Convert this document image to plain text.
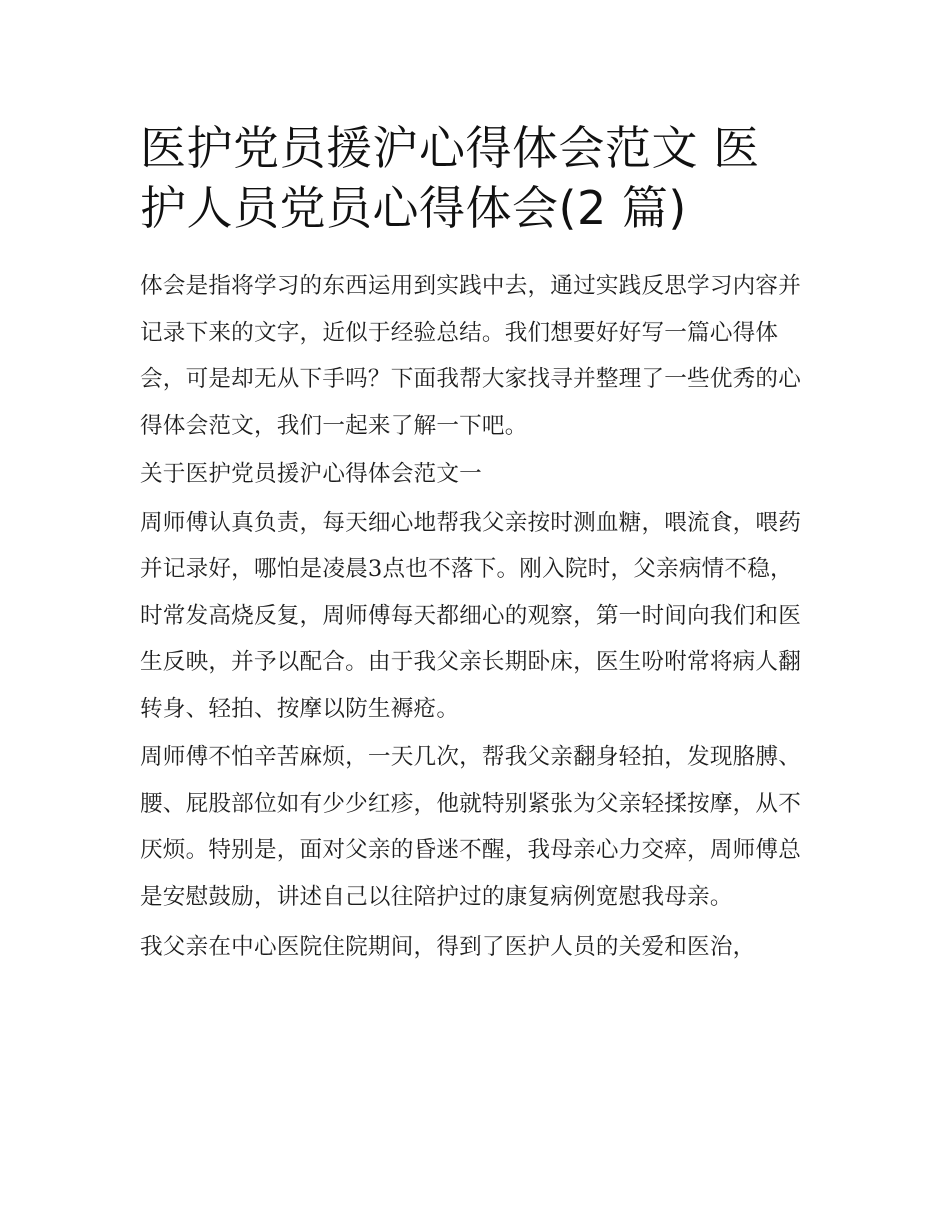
医护党员援沪心得体会范文 医
护人员党员心得体会(2 篇)

体会是指将学习的东西运用到实践中去，通过实践反思学习内容并记录下来的文字，近似于经验总结。我们想要好好写一篇心得体会，可是却无从下手吗？下面我帮大家找寻并整理了一些优秀的心得体会范文，我们一起来了解一下吧。

关于医护党员援沪心得体会范文一

周师傅认真负责，每天细心地帮我父亲按时测血糖，喂流食，喂药并记录好，哪怕是凌晨3点也不落下。刚入院时，父亲病情不稳，时常发高烧反复，周师傅每天都细心的观察，第一时间向我们和医生反映，并予以配合。由于我父亲长期卧床，医生吩咐常将病人翻转身、轻拍、按摩以防生褥疮。

周师傅不怕辛苦麻烦，一天几次，帮我父亲翻身轻拍，发现胳膊、腰、屁股部位如有少少红疹，他就特别紧张为父亲轻揉按摩，从不厌烦。特别是，面对父亲的昏迷不醒，我母亲心力交瘁，周师傅总是安慰鼓励，讲述自己以往陪护过的康复病例宽慰我母亲。

我父亲在中心医院住院期间，得到了医护人员的关爱和医治，
